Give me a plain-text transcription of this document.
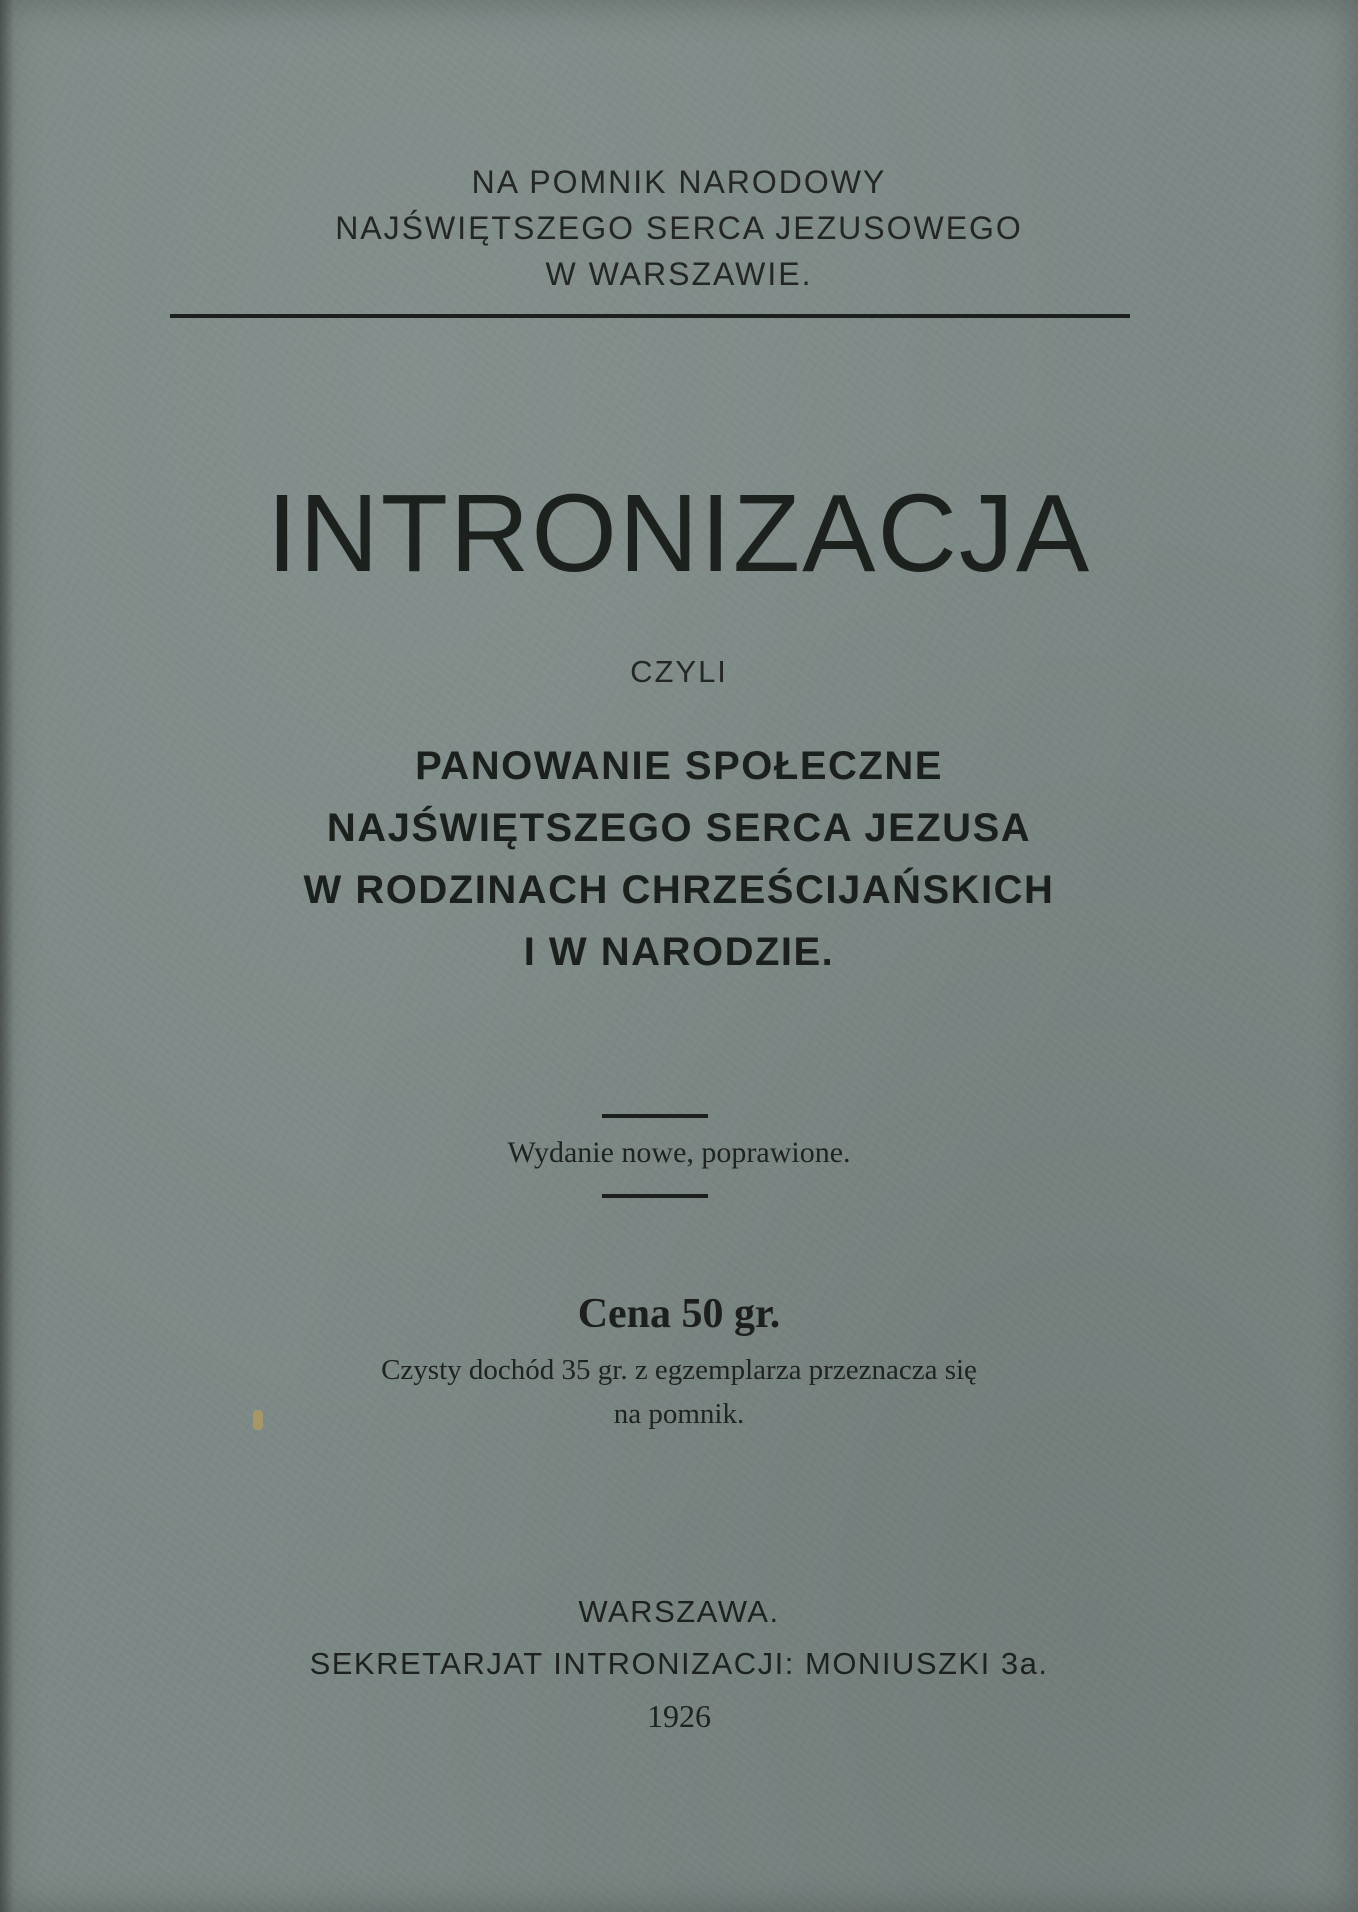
NA POMNIK NARODOWY
NAJŚWIĘTSZEGO SERCA JEZUSOWEGO
W WARSZAWIE.
INTRONIZACJA
CZYLI
PANOWANIE SPOŁECZNE
NAJŚWIĘTSZEGO SERCA JEZUSA
W RODZINACH CHRZEŚCIJAŃSKICH
I W NARODZIE.
Wydanie nowe, poprawione.
Cena 50 gr.
Czysty dochód 35 gr. z egzemplarza przeznacza się
na pomnik.
WARSZAWA.
SEKRETARJAT INTRONIZACJI: MONIUSZKI 3a.
1926
